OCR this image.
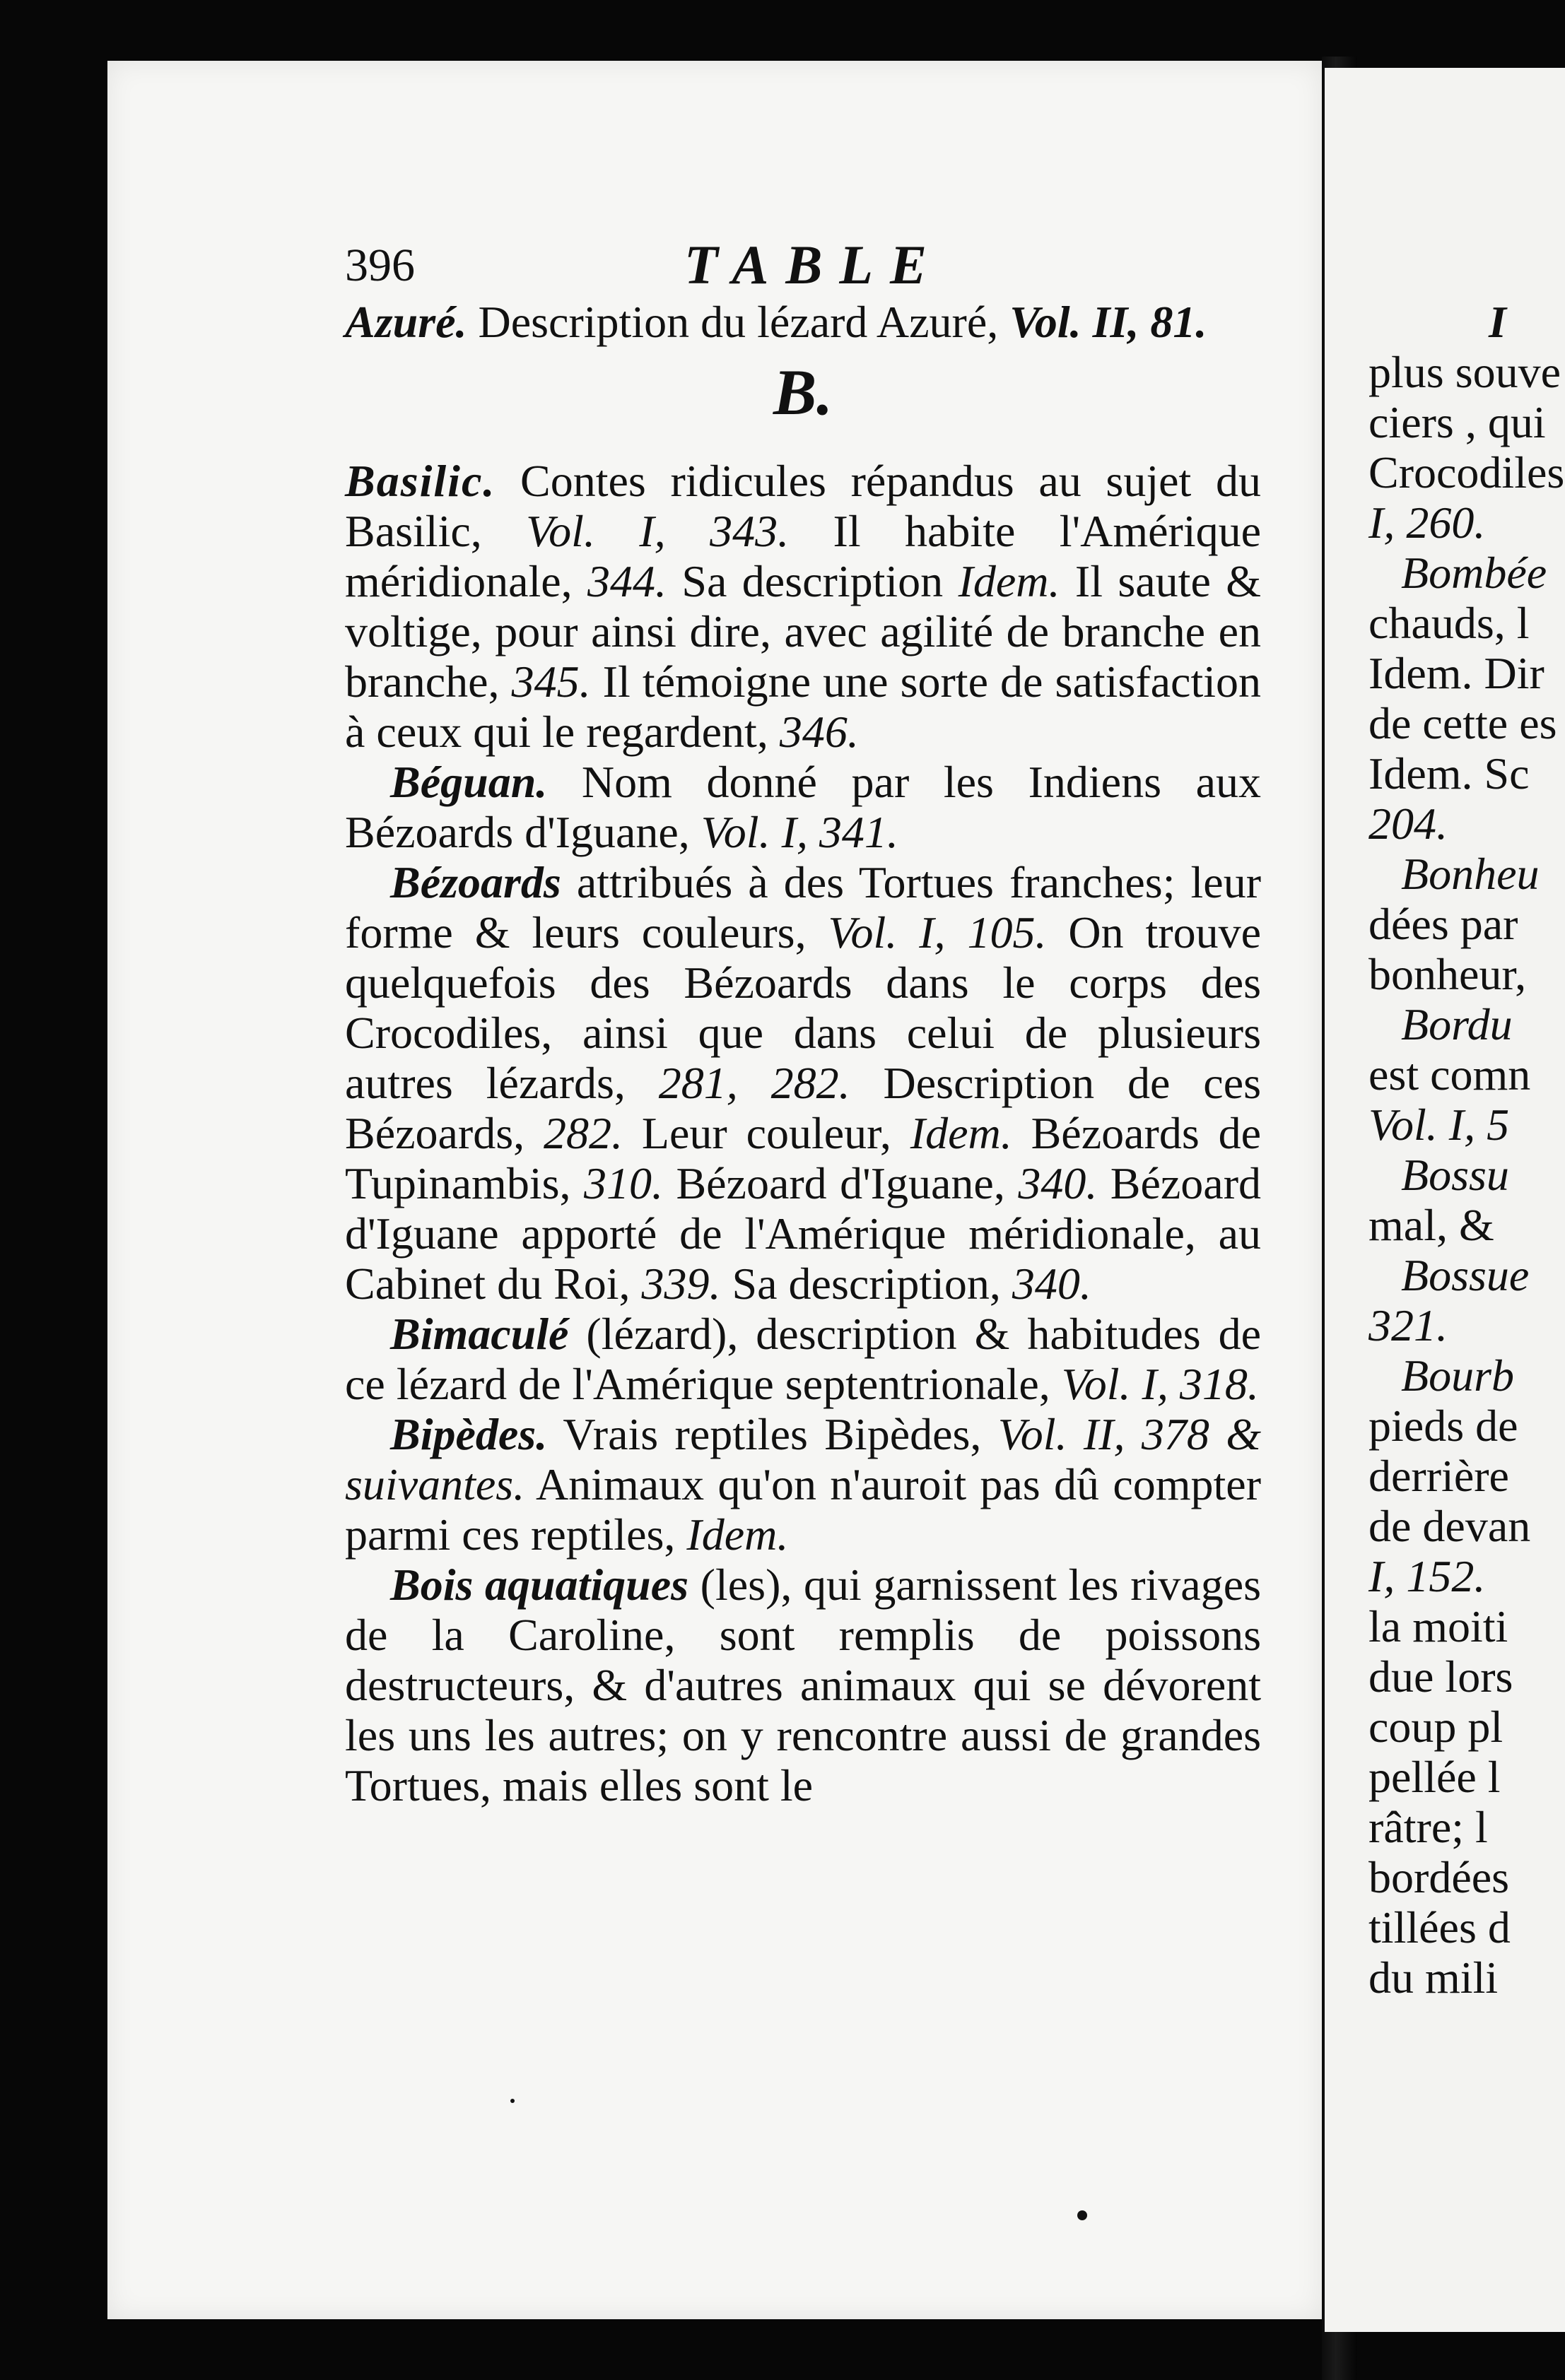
I
plus souve
ciers , qui
Crocodiles
I, 260.
Bombée
chauds, l
Idem. Dir
de cette es
Idem. Sc
204.
Bonheu
dées par
bonheur,
Bordu
est comn
Vol. I, 5
Bossu
mal, &
Bossue
321.
Bourb
pieds de
derrière
de devan
I, 152.
la moiti
due lors
coup pl
pellée l
râtre; l
bordées
tillées d
du mili
396	TABLE

Azuré. Description du lézard Azuré, Vol. II, 81.

B.

Basilic. Contes ridicules répandus au sujet du Basilic, Vol. I, 343. Il habite l'Amérique méridionale, 344. Sa description Idem. Il saute & voltige, pour ainsi dire, avec agilité de branche en branche, 345. Il témoigne une sorte de satisfaction à ceux qui le regardent, 346.

Béguan. Nom donné par les Indiens aux Bézoards d'Iguane, Vol. I, 341.

Bézoards attribués à des Tortues franches; leur forme & leurs couleurs, Vol. I, 105. On trouve quelquefois des Bézoards dans le corps des Crocodiles, ainsi que dans celui de plusieurs autres lézards, 281, 282. Description de ces Bézoards, 282. Leur couleur, Idem. Bézoards de Tupinambis, 310. Bézoard d'Iguane, 340. Bézoard d'Iguane apporté de l'Amérique méridionale, au Cabinet du Roi, 339. Sa description, 340.

Bimaculé (lézard), description & habitudes de ce lézard de l'Amérique septentrionale, Vol. I, 318.

Bipèdes. Vrais reptiles Bipèdes, Vol. II, 378 & suivantes. Animaux qu'on n'auroit pas dû compter parmi ces reptiles, Idem.

Bois aquatiques (les), qui garnissent les rivages de la Caroline, sont remplis de poissons destructeurs, & d'autres animaux qui se dévorent les uns les autres; on y rencontre aussi de grandes Tortues, mais elles sont le
